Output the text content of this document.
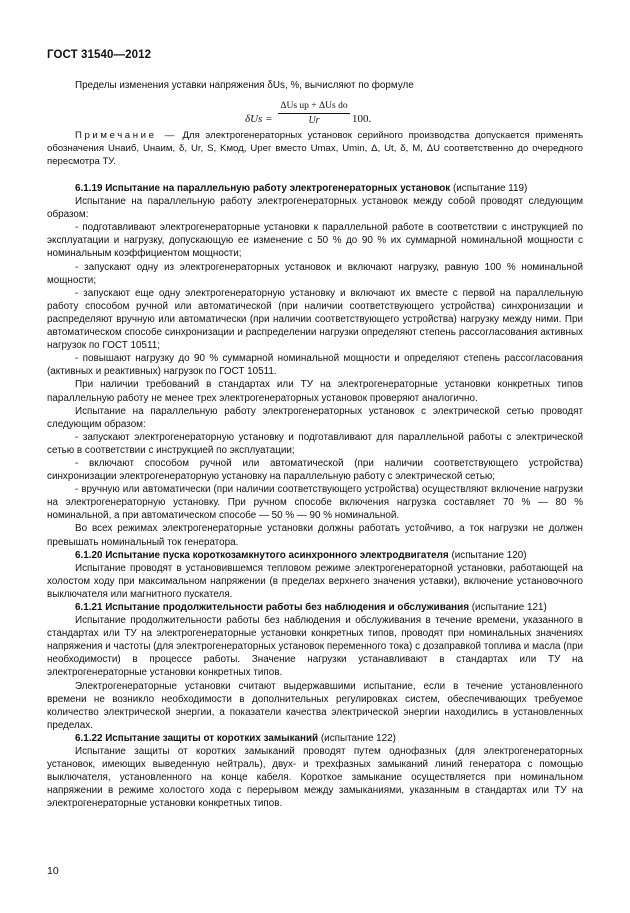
ГОСТ 31540—2012

Пределы изменения уставки напряжения δUs, %, вычисляют по формуле

δUs =
ΔUs up + ΔUs do
Ur	100.

Примечание — Для электрогенераторных установок серийного производства допускается применять обозначения Uнаиб, Uнаим, δ, Ur, S, Kмод, Uрег вместо Umax, Umin, Δ, Ut, δ, M, ΔU соответственно до очередного пересмотра ТУ.

6.1.19 Испытание на параллельную работу электрогенераторных установок (испытание 119)

Испытание на параллельную работу электрогенераторных установок между собой проводят следующим образом:

- подготавливают электрогенераторные установки к параллельной работе в соответствии с инструкцией по эксплуатации и нагрузку, допускающую ее изменение с 50 % до 90 % их суммарной номинальной мощности с номинальным коэффициентом мощности;

- запускают одну из электрогенераторных установок и включают нагрузку, равную 100 % номинальной мощности;

- запускают еще одну электрогенераторную установку и включают их вместе с первой на параллельную работу способом ручной или автоматической (при наличии соответствующего устройства) синхронизации и распределяют вручную или автоматически (при наличии соответствующего устройства) нагрузку между ними. При автоматическом способе синхронизации и распределении нагрузки определяют степень рассогласования активных нагрузок по ГОСТ 10511;

- повышают нагрузку до 90 % суммарной номинальной мощности и определяют степень рассогласования (активных и реактивных) нагрузок по ГОСТ 10511.

При наличии требований в стандартах или ТУ на электрогенераторные установки конкретных типов параллельную работу не менее трех электрогенераторных установок проверяют аналогично.

Испытание на параллельную работу электрогенераторных установок с электрической сетью проводят следующим образом:

- запускают электрогенераторную установку и подготавливают для параллельной работы с электрической сетью в соответствии с инструкцией по эксплуатации;

- включают способом ручной или автоматической (при наличии соответствующего устройства) синхронизации электрогенераторную установку на параллельную работу с электрической сетью;

- вручную или автоматически (при наличии соответствующего устройства) осуществляют включение нагрузки на электрогенераторную установку. При ручном способе включения нагрузка составляет 70 % — 80 % номинальной, а при автоматическом способе — 50 % — 90 % номинальной.

Во всех режимах электрогенераторные установки должны работать устойчиво, а ток нагрузки не должен превышать номинальный ток генератора.

6.1.20 Испытание пуска короткозамкнутого асинхронного электродвигателя (испытание 120)

Испытание проводят в установившемся тепловом режиме электрогенераторной установки, работающей на холостом ходу при максимальном напряжении (в пределах верхнего значения уставки), включение установочного выключателя или магнитного пускателя.

6.1.21 Испытание продолжительности работы без наблюдения и обслуживания (испытание 121)

Испытание продолжительности работы без наблюдения и обслуживания в течение времени, указанного в стандартах или ТУ на электрогенераторные установки конкретных типов, проводят при номинальных значениях напряжения и частоты (для электрогенераторных установок переменного тока) с дозаправкой топлива и масла (при необходимости) в процессе работы. Значение нагрузки устанавливают в стандартах или ТУ на электрогенераторные установки конкретных типов.

Электрогенераторные установки считают выдержавшими испытание, если в течение установленного времени не возникло необходимости в дополнительных регулировках систем, обеспечивающих требуемое количество электрической энергии, а показатели качества электрической энергии находились в установленных пределах.

6.1.22 Испытание защиты от коротких замыканий (испытание 122)

Испытание защиты от коротких замыканий проводят путем однофазных (для электрогенераторных установок, имеющих выведенную нейтраль), двух- и трехфазных замыканий линий генератора с помощью выключателя, установленного на конце кабеля. Короткое замыкание осуществляется при номинальном напряжении в режиме холостого хода с перерывом между замыканиями, указанным в стандартах или ТУ на электрогенераторные установки конкретных типов.

10
